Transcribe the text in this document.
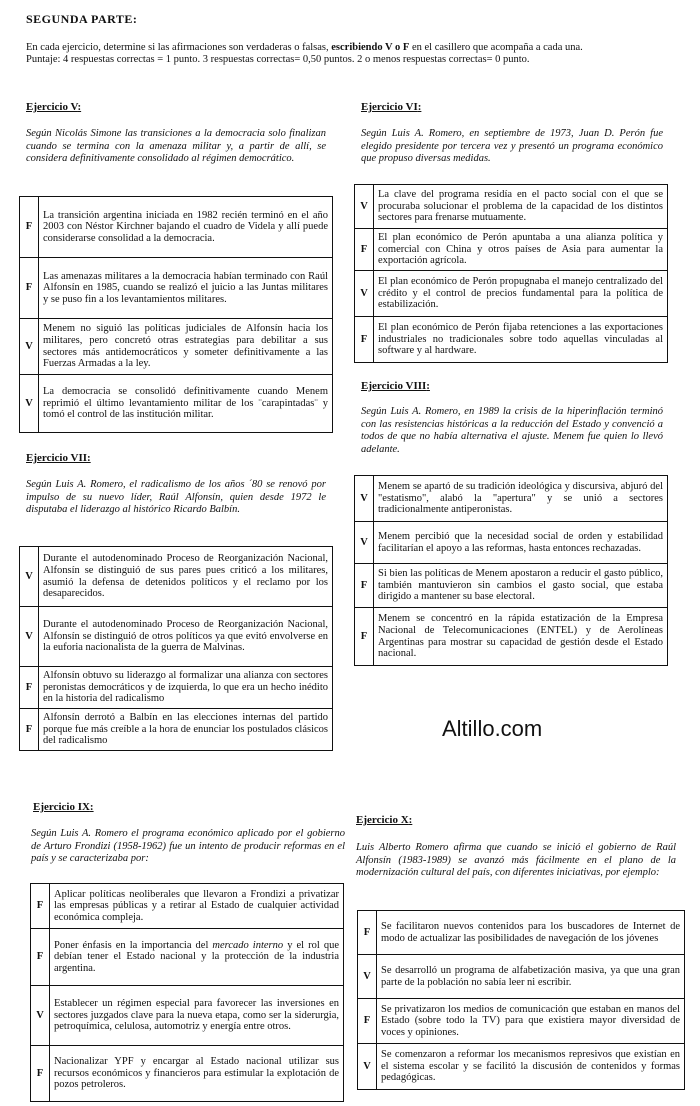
SEGUNDA PARTE:
En cada ejercicio, determine si las afirmaciones son verdaderas o falsas, escribiendo V o F en el casillero que acompaña a cada una.
Puntaje: 4 respuestas correctas = 1 punto. 3 respuestas correctas= 0,50 puntos. 2 o menos respuestas correctas= 0 punto.
Ejercicio V:
Según Nicolás Simone las transiciones a la democracia solo finalizan cuando se termina con la amenaza militar y, a partir de allí, se considera definitivamente consolidado al régimen democrático.
F	La transición argentina iniciada en 1982 recién terminó en el año 2003 con Néstor Kirchner bajando el cuadro de Videla y allí puede considerarse consolidad a la democracia.
F	Las amenazas militares a la democracia habían terminado con Raúl Alfonsín en 1985, cuando se realizó el juicio a las Juntas militares y se puso fin a los levantamientos militares.
V	Menem no siguió las políticas judiciales de Alfonsín hacia los militares, pero concretó otras estrategias para debilitar a sus sectores más antidemocráticos y someter definitivamente a las Fuerzas Armadas a la ley.
V	La democracia se consolidó definitivamente cuando Menem reprimió el último levantamiento militar de los ¨carapintadas¨ y tomó el control de las institución militar.
Ejercicio VII:
Según Luis A. Romero, el radicalismo de los años ´80 se renovó por impulso de su nuevo líder, Raúl Alfonsín, quien desde 1972 le disputaba el liderazgo al histórico Ricardo Balbín.
V	Durante el autodenominado Proceso de Reorganización Nacional, Alfonsín se distinguió de sus pares pues criticó a los militares, asumió la defensa de detenidos políticos y el reclamo por los desaparecidos.
V	Durante el autodenominado Proceso de Reorganización Nacional, Alfonsín se distinguió de otros políticos ya que evitó envolverse en la euforia nacionalista de la guerra de Malvinas.
F	Alfonsín obtuvo su liderazgo al formalizar una alianza con sectores peronistas democráticos y de izquierda, lo que era un hecho inédito en la historia del radicalismo
F	Alfonsín derrotó a Balbín en las elecciones internas del partido porque fue más creíble a la hora de enunciar los postulados clásicos del radicalismo
Ejercicio VI:
Según Luis A. Romero, en septiembre de 1973, Juan D. Perón fue elegido presidente por tercera vez y presentó un programa económico que propuso diversas medidas.
V	La clave del programa residía en el pacto social con el que se procuraba solucionar el problema de la capacidad de los distintos sectores para frenarse mutuamente.
F	El plan económico de Perón apuntaba a una alianza política y comercial con China y otros países de Asia para aumentar la exportación agrícola.
V	El plan económico de Perón propugnaba el manejo centralizado del crédito y el control de precios fundamental para la política de estabilización.
F	El plan económico de Perón fijaba retenciones a las exportaciones industriales no tradicionales sobre todo aquellas vinculadas al software y al hardware.
Ejercicio VIII:
Según Luis A. Romero, en 1989 la crisis de la hiperinflación terminó con las resistencias históricas a la reducción del Estado y convenció a todos de que no había alternativa el ajuste. Menem fue quien lo llevó adelante.
V	Menem se apartó de su tradición ideológica y discursiva, abjuró del "estatismo", alabó la "apertura" y se unió a sectores tradicionalmente antiperonistas.
V	Menem percibió que la necesidad social de orden y estabilidad facilitarían el apoyo a las reformas, hasta entonces rechazadas.
F	Si bien las políticas de Menem apostaron a reducir el gasto público, también mantuvieron sin cambios el gasto social, que estaba dirigido a mantener su base electoral.
F	Menem se concentró en la rápida estatización de la Empresa Nacional de Telecomunicaciones (ENTEL) y de Aerolíneas Argentinas para mostrar su capacidad de gestión desde el Estado nacional.
Altillo.com
Ejercicio IX:
Según Luis A. Romero el programa económico aplicado por el gobierno de Arturo Frondizi (1958-1962) fue un intento de producir reformas en el país y se caracterizaba por:
F	Aplicar políticas neoliberales que llevaron a Frondizi a privatizar las empresas públicas y a retirar al Estado de cualquier actividad económica compleja.
F	Poner énfasis en la importancia del mercado interno y el rol que debían tener el Estado nacional y la protección de la industria argentina.
V	Establecer un régimen especial para favorecer las inversiones en sectores juzgados clave para la nueva etapa, como ser la siderurgia, petroquímica, celulosa, automotriz y energía entre otros.
F	Nacionalizar YPF y encargar al Estado nacional utilizar sus recursos económicos y financieros para estimular la explotación de pozos petroleros.
Ejercicio X:
Luis Alberto Romero afirma que cuando se inició el gobierno de Raúl Alfonsín (1983-1989) se avanzó más fácilmente en el plano de la modernización cultural del país, con diferentes iniciativas, por ejemplo:
F	Se facilitaron nuevos contenidos para los buscadores de Internet de modo de actualizar las posibilidades de navegación de los jóvenes
V	Se desarrolló un programa de alfabetización masiva, ya que una gran parte de la población no sabía leer ni escribir.
F	Se privatizaron los medios de comunicación que estaban en manos del Estado (sobre todo la TV) para que existiera mayor diversidad de voces y opiniones.
V	Se comenzaron a reformar los mecanismos represivos que existían en el sistema escolar y se facilitó la discusión de contenidos y formas pedagógicas.
